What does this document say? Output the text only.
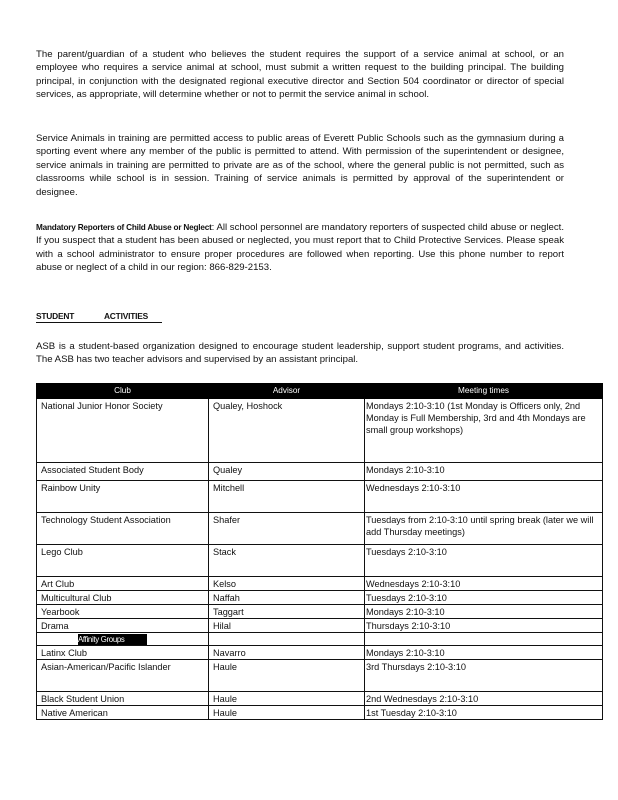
The parent/guardian of a student who believes the student requires the support of a service animal at school, or an employee who requires a service animal at school, must submit a written request to the building principal. The building principal, in conjunction with the designated regional executive director and Section 504 coordinator or director of special services, as appropriate, will determine whether or not to permit the service animal in school.

Service Animals in training are permitted access to public areas of Everett Public Schools such as the gymnasium during a sporting event where any member of the public is permitted to attend. With permission of the superintendent or designee, service animals in training are permitted to private are as of the school, where the general public is not permitted, such as classrooms while school is in session. Training of service animals is permitted by approval of the superintendent or designee.

Mandatory Reporters of Child Abuse or Neglect: All school personnel are mandatory reporters of suspected child abuse or neglect. If you suspect that a student has been abused or neglected, you must report that to Child Protective Services. Please speak with a school administrator to ensure proper procedures are followed when reporting. Use this phone number to report abuse or neglect of a child in our region: 866-829-2153.

STUDENT ACTIVITIES

ASB is a student-based organization designed to encourage student leadership, support student programs, and activities. The ASB has two teacher advisors and supervised by an assistant principal.

Club	Advisor	Meeting times
National Junior Honor Society	Qualey, Hoshock	Mondays 2:10-3:10 (1st Monday is Officers only, 2nd Monday is Full Membership, 3rd and 4th Mondays are small group workshops)
Associated Student Body	Qualey	Mondays 2:10-3:10
Rainbow Unity	Mitchell	Wednesdays 2:10-3:10
Technology Student Association	Shafer	Tuesdays from 2:10-3:10 until spring break (later we will add Thursday meetings)
Lego Club	Stack	Tuesdays 2:10-3:10
Art Club	Kelso	Wednesdays 2:10-3:10
Multicultural Club	Naffah	Tuesdays 2:10-3:10
Yearbook	Taggart	Mondays 2:10-3:10
Drama	Hilal	Thursdays 2:10-3:10
Affinity Groups		
Latinx Club	Navarro	Mondays 2:10-3:10
Asian-American/Pacific Islander	Haule	3rd Thursdays 2:10-3:10
Black Student Union	Haule	2nd Wednesdays 2:10-3:10
Native American	Haule	1st Tuesday 2:10-3:10
